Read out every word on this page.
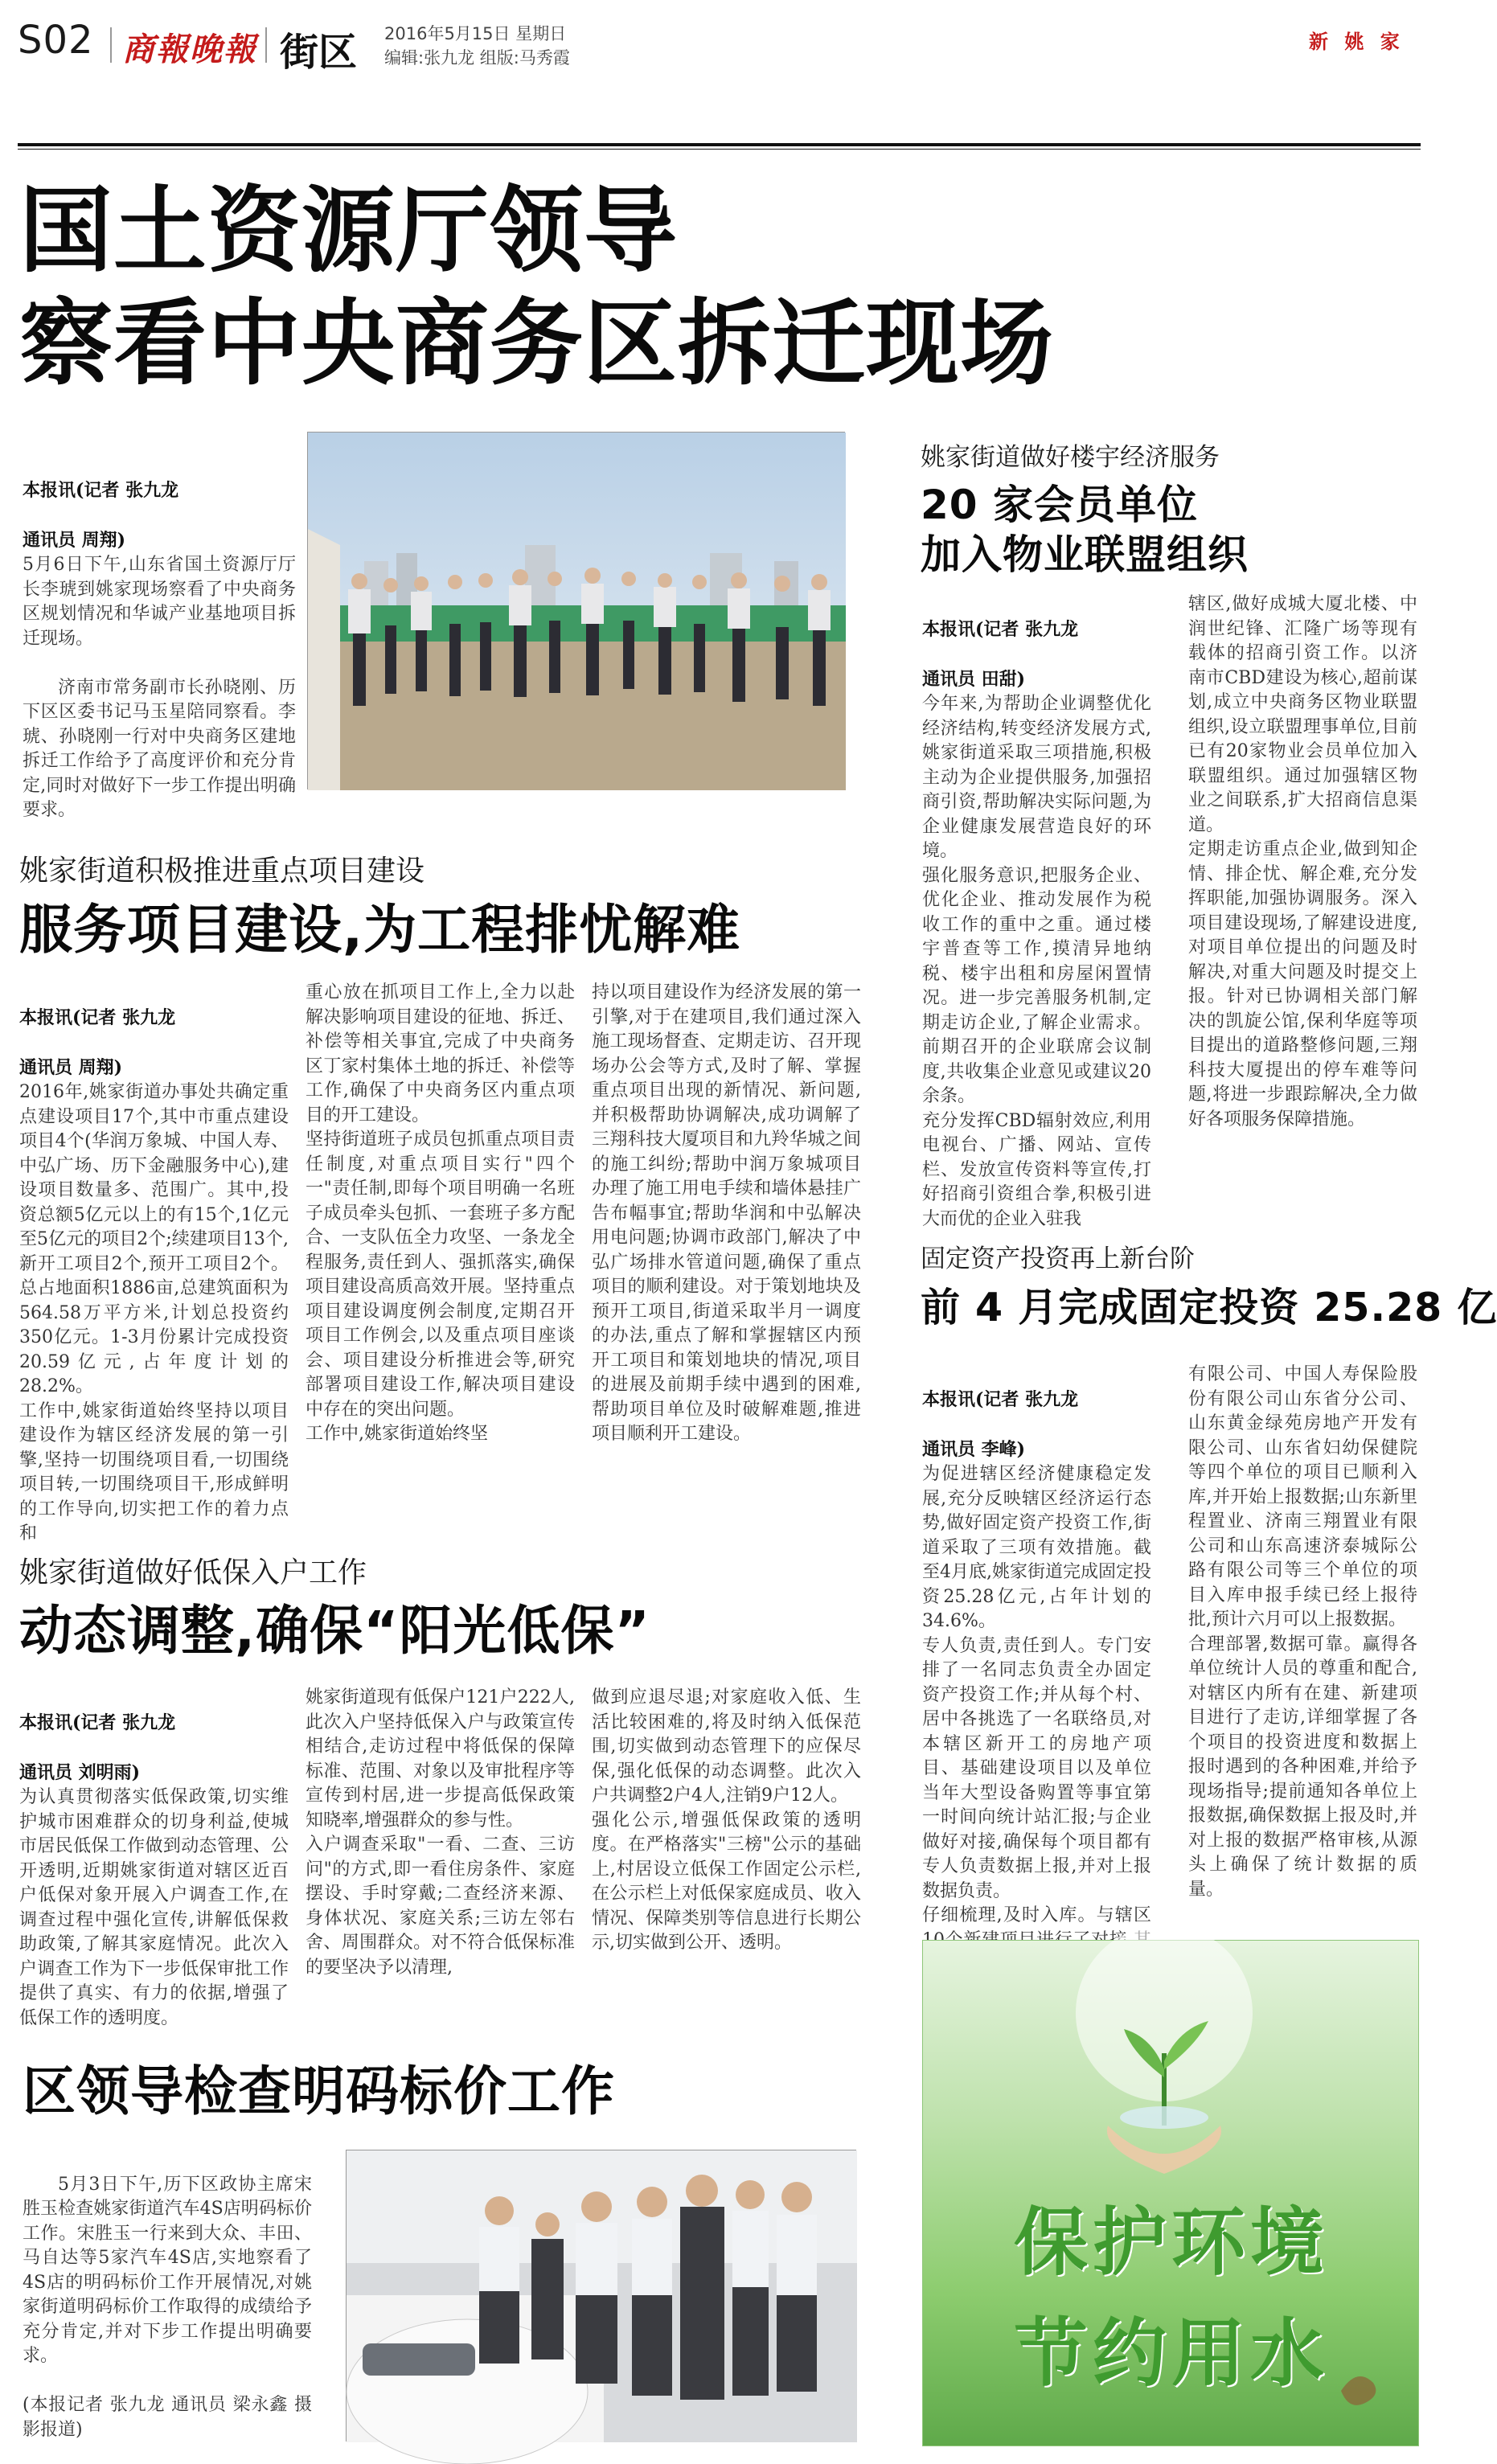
S02 商報晚報 街区 2016年5月15日 星期日
编辑:张九龙 组版:马秀霞
新 姚 家
国土资源厅领导
察看中央商务区拆迁现场

本报讯(记者 张九龙

通讯员 周翔)
5月6日下午,山东省国土资源厅厅长李琥到姚家现场察看了中央商务区规划情况和华诚产业基地项目拆迁现场。

济南市常务副市长孙晓刚、历下区区委书记马玉星陪同察看。李琥、孙晓刚一行对中央商务区建地拆迁工作给予了高度评价和充分肯定,同时对做好下一步工作提出明确要求。

姚家街道做好楼宇经济服务
20 家会员单位
加入物业联盟组织

本报讯(记者 张九龙

通讯员 田甜)
今年来,为帮助企业调整优化经济结构,转变经济发展方式,姚家街道采取三项措施,积极主动为企业提供服务,加强招商引资,帮助解决实际问题,为企业健康发展营造良好的环境。
强化服务意识,把服务企业、优化企业、推动发展作为税收工作的重中之重。通过楼宇普查等工作,摸清异地纳税、楼宇出租和房屋闲置情况。进一步完善服务机制,定期走访企业,了解企业需求。前期召开的企业联席会议制度,共收集企业意见或建议20余条。
充分发挥CBD辐射效应,利用电视台、广播、网站、宣传栏、发放宣传资料等宣传,打好招商引资组合拳,积极引进大而优的企业入驻我

辖区,做好成城大厦北楼、中润世纪锋、汇隆广场等现有载体的招商引资工作。以济南市CBD建设为核心,超前谋划,成立中央商务区物业联盟组织,设立联盟理事单位,目前已有20家物业会员单位加入联盟组织。通过加强辖区物业之间联系,扩大招商信息渠道。
定期走访重点企业,做到知企情、排企忧、解企难,充分发挥职能,加强协调服务。深入项目建设现场,了解建设进度,对项目单位提出的问题及时解决,对重大问题及时提交上报。针对已协调相关部门解决的凯旋公馆,保利华庭等项目提出的道路整修问题,三翔科技大厦提出的停车难等问题,将进一步跟踪解决,全力做好各项服务保障措施。
姚家街道积极推进重点项目建设
服务项目建设,为工程排忧解难

本报讯(记者 张九龙

通讯员 周翔)
2016年,姚家街道办事处共确定重点建设项目17个,其中市重点建设项目4个(华润万象城、中国人寿、中弘广场、历下金融服务中心),建设项目数量多、范围广。其中,投资总额5亿元以上的有15个,1亿元至5亿元的项目2个;续建项目13个,新开工项目2个,预开工项目2个。总占地面积1886亩,总建筑面积为564.58万平方米,计划总投资约350亿元。1-3月份累计完成投资20.59亿元,占年度计划的28.2%。
工作中,姚家街道始终坚持以项目建设作为辖区经济发展的第一引擎,坚持一切围绕项目看,一切围绕项目转,一切围绕项目干,形成鲜明的工作导向,切实把工作的着力点和

重心放在抓项目工作上,全力以赴解决影响项目建设的征地、拆迁、补偿等相关事宜,完成了中央商务区丁家村集体土地的拆迁、补偿等工作,确保了中央商务区内重点项目的开工建设。
坚持街道班子成员包抓重点项目责任制度,对重点项目实行"四个一"责任制,即每个项目明确一名班子成员牵头包抓、一套班子多方配合、一支队伍全力攻坚、一条龙全程服务,责任到人、强抓落实,确保项目建设高质高效开展。坚持重点项目建设调度例会制度,定期召开项目工作例会,以及重点项目座谈会、项目建设分析推进会等,研究部署项目建设工作,解决项目建设中存在的突出问题。
工作中,姚家街道始终坚
持以项目建设作为经济发展的第一引擎,对于在建项目,我们通过深入施工现场督查、定期走访、召开现场办公会等方式,及时了解、掌握重点项目出现的新情况、新问题,并积极帮助协调解决,成功调解了三翔科技大厦项目和九羚华城之间的施工纠纷;帮助中润万象城项目办理了施工用电手续和墙体悬挂广告布幅事宜;帮助华润和中弘解决用电问题;协调市政部门,解决了中弘广场排水管道问题,确保了重点项目的顺利建设。对于策划地块及预开工项目,街道采取半月一调度的办法,重点了解和掌握辖区内预开工项目和策划地块的情况,项目的进展及前期手续中遇到的困难,帮助项目单位及时破解难题,推进项目顺利开工建设。
固定资产投资再上新台阶
前 4 月完成固定投资 25.28 亿

本报讯(记者 张九龙

通讯员 李峰)
为促进辖区经济健康稳定发展,充分反映辖区经济运行态势,做好固定资产投资工作,街道采取了三项有效措施。截至4月底,姚家街道完成固定投资25.28亿元,占年计划的34.6%。
专人负责,责任到人。专门安排了一名同志负责全办固定资产投资工作;并从每个村、居中各挑选了一名联络员,对本辖区新开工的房地产项目、基础建设项目以及单位当年大型设备购置等事宜第一时间向统计站汇报;与企业做好对接,确保每个项目都有专人负责数据上报,并对上报数据负责。
仔细梳理,及时入库。与辖区

有限公司、中国人寿保险股份有限公司山东省分公司、山东黄金绿苑房地产开发有限公司、山东省妇幼保健院等四个单位的项目已顺利入库,并开始上报数据;山东新里程置业、济南三翔置业有限公司和山东高速济泰城际公路有限公司等三个单位的项目入库申报手续已经上报待批,预计六月可以上报数据。
合理部署,数据可靠。赢得各单位统计人员的尊重和配合,对辖区内所有在建、新建项目进行了走访,详细掌握了各个项目的投资进度和数据上报时遇到的各种困难,并给予现场指导;提前通知各单位上报数据,确保数据上报及时,并对上报的数据严格审核,从源头上确保了统计数据的质量。
姚家街道做好低保入户工作
动态调整,确保“阳光低保”

本报讯(记者 张九龙

通讯员 刘明雨)
为认真贯彻落实低保政策,切实维护城市困难群众的切身利益,使城市居民低保工作做到动态管理、公开透明,近期姚家街道对辖区近百户低保对象开展入户调查工作,在调查过程中强化宣传,讲解低保救助政策,了解其家庭情况。此次入户调查工作为下一步低保审批工作提供了真实、有力的依据,增强了低保工作的透明度。

姚家街道现有低保户121户222人,此次入户坚持低保入户与政策宣传相结合,走访过程中将低保的保障标准、范围、对象以及审批程序等宣传到村居,进一步提高低保政策知晓率,增强群众的参与性。
入户调查采取"一看、二查、三访问"的方式,即一看住房条件、家庭摆设、手时穿戴;二查经济来源、身体状况、家庭关系;三访左邻右舍、周围群众。对不符合低保标准的要坚决予以清理,
做到应退尽退;对家庭收入低、生活比较困难的,将及时纳入低保范围,切实做到动态管理下的应保尽保,强化低保的动态调整。此次入户共调整2户4人,注销9户12人。
强化公示,增强低保政策的透明度。在严格落实"三榜"公示的基础上,村居设立低保工作固定公示栏,在公示栏上对低保家庭成员、收入情况、保障类别等信息进行长期公示,切实做到公开、透明。
区领导检查明码标价工作

5月3日下午,历下区政协主席宋胜玉检查姚家街道汽车4S店明码标价工作。宋胜玉一行来到大众、丰田、马自达等5家汽车4S店,实地察看了4S店的明码标价工作开展情况,对姚家街道明码标价工作取得的成绩给予充分肯定,并对下步工作提出明确要求。

(本报记者 张九龙 通讯员 梁永鑫 摄影报道)

保护环境
节约用水
